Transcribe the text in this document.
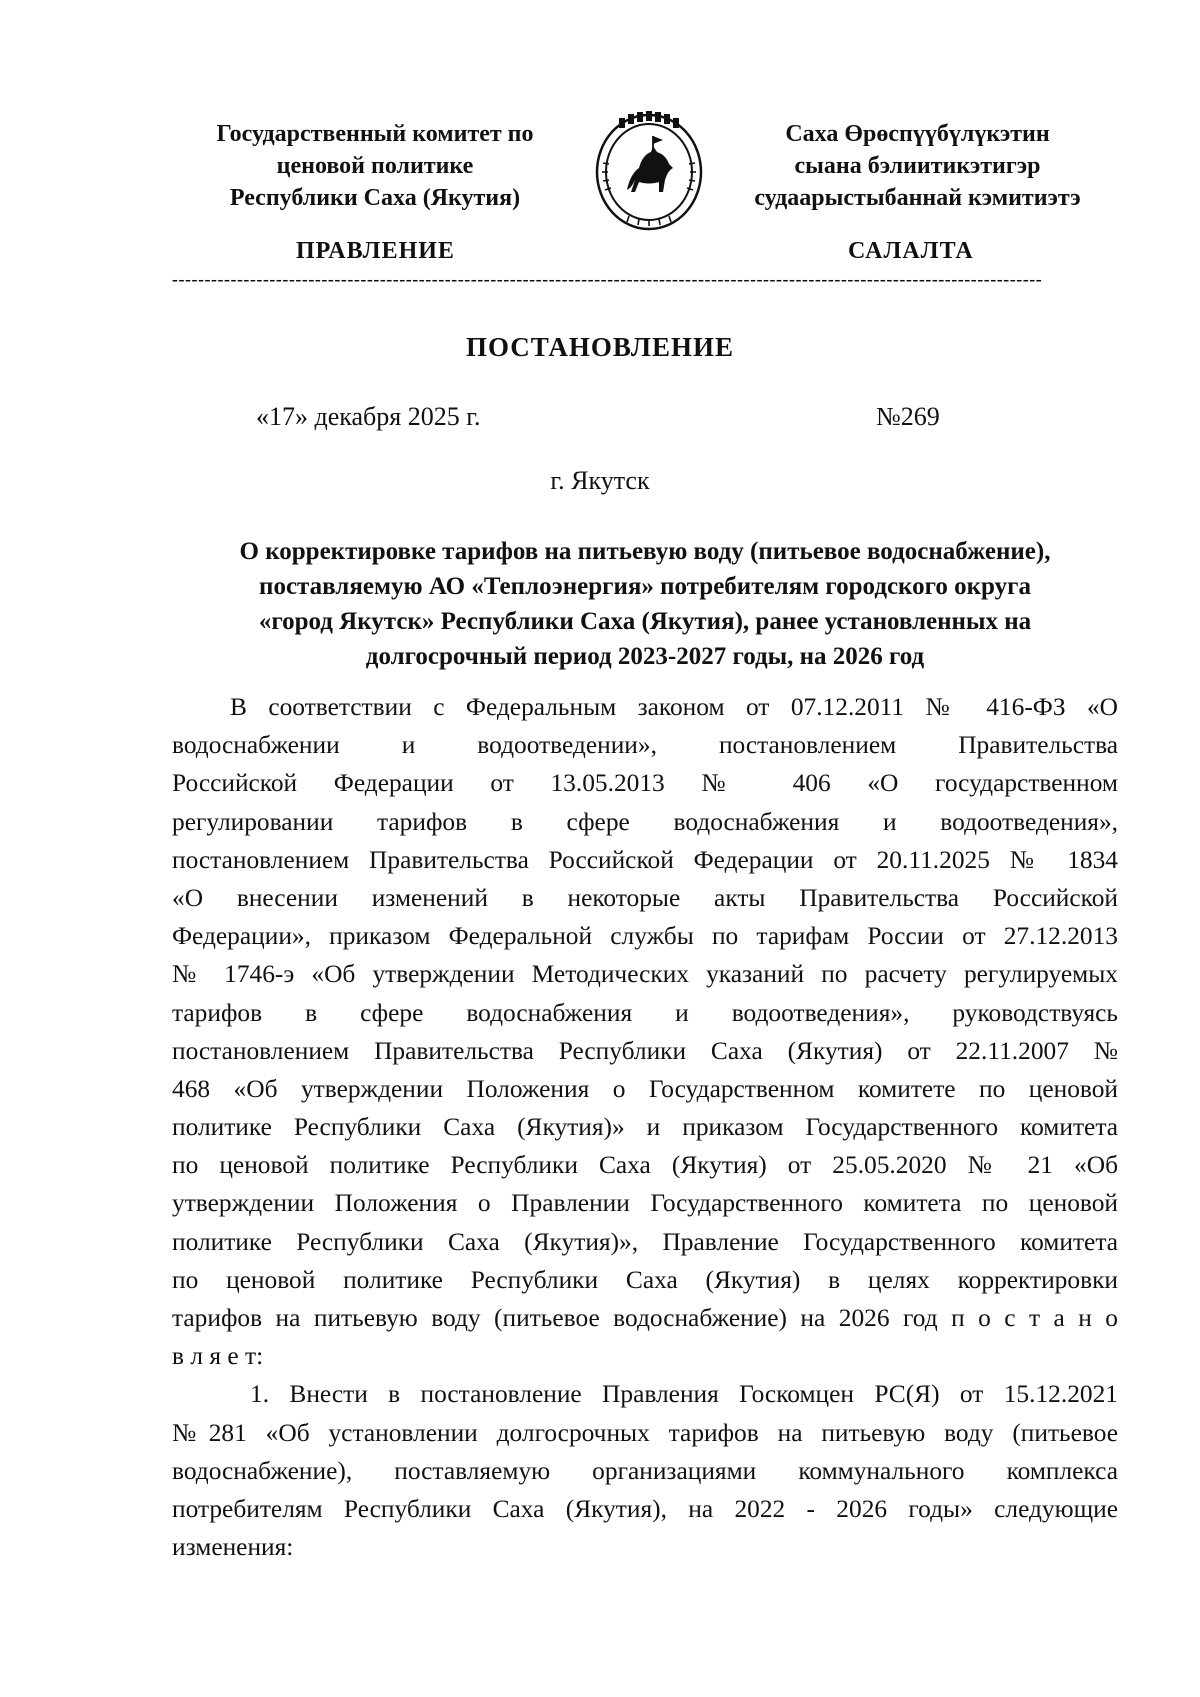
Государственный комитет по
ценовой политике
Республики Саха (Якутия)
Саха Өрөспүүбүлүкэтин
сыана бэлиитикэтигэр
судаарыстыбаннай кэмитиэтэ
ПРАВЛЕНИЕ	САЛАЛТА
--------------------------------------------------------------------------------------------------------------------------------------
ПОСТАНОВЛЕНИЕ
«17» декабря 2025 г.	№269
г. Якутск
О корректировке тарифов на питьевую воду (питьевое водоснабжение),
поставляемую АО «Теплоэнергия» потребителям городского округа
«город Якутск» Республики Саха (Якутия), ранее установленных на
долгосрочный период 2023-2027 годы, на 2026 год
В соответствии с Федеральным законом от 07.12.2011 № 416-ФЗ «О
водоснабжении и водоотведении», постановлением Правительства
Российской Федерации от 13.05.2013 № 406 «О государственном
регулировании тарифов в сфере водоснабжения и водоотведения»,
постановлением Правительства Российской Федерации от 20.11.2025 № 1834
«О внесении изменений в некоторые акты Правительства Российской
Федерации», приказом Федеральной службы по тарифам России от 27.12.2013
№ 1746-э «Об утверждении Методических указаний по расчету регулируемых
тарифов в сфере водоснабжения и водоотведения», руководствуясь
постановлением Правительства Республики Саха (Якутия) от 22.11.2007 №
468 «Об утверждении Положения о Государственном комитете по ценовой
политике Республики Саха (Якутия)» и приказом Государственного комитета
по ценовой политике Республики Саха (Якутия) от 25.05.2020 № 21 «Об
утверждении Положения о Правлении Государственного комитета по ценовой
политике Республики Саха (Якутия)», Правление Государственного комитета
по ценовой политике Республики Саха (Якутия) в целях корректировки
тарифов на питьевую воду (питьевое водоснабжение) на 2026 год п о с т а н о
в л я е т:
1. Внести в постановление Правления Госкомцен РС(Я) от 15.12.2021
№281 «Об установлении долгосрочных тарифов на питьевую воду (питьевое
водоснабжение), поставляемую организациями коммунального комплекса
потребителям Республики Саха (Якутия), на 2022 - 2026 годы» следующие
изменения:
